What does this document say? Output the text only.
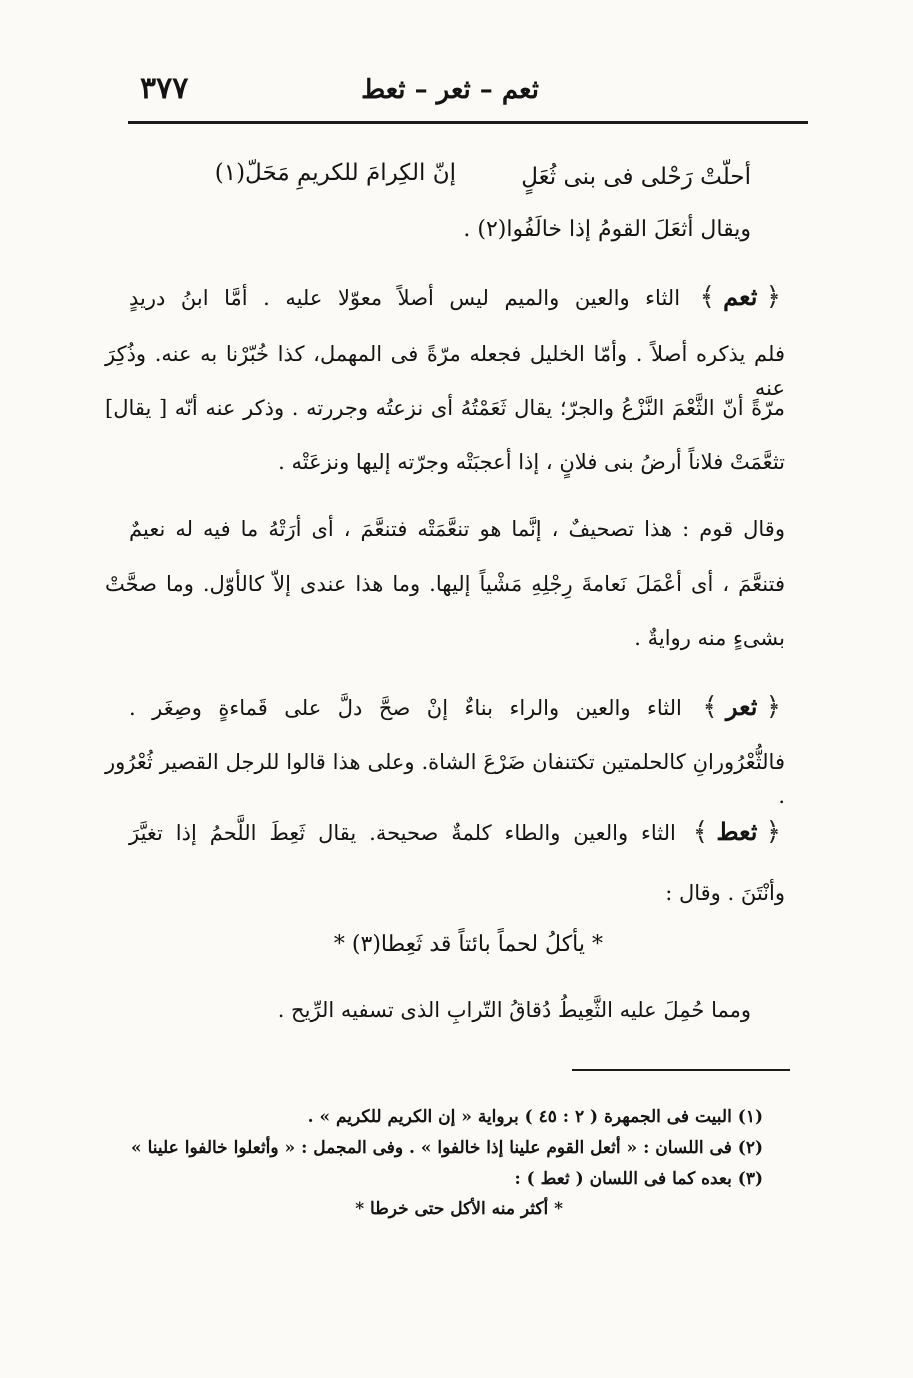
ثعم – ثعر – ثعط
٣٧٧
أحلّتْ رَحْلى فى بنى ثُعَلٍ
إنّ الكِرامَ للكريمِ مَحَلّ(١)
ويقال أثعَلَ القومُ إذا خالَفُوا(٢) .
﴿ ثعم ﴾ الثاء والعين والميم ليس أصلاً معوّلا عليه . أمَّا ابنُ دريدٍ
فلم يذكره أصلاً . وأمّا الخليل فجعله مرّةً فى المهمل، كذا خُبّرْنا به عنه. وذُكِرَ عنه
مرّةً أنّ الثَّعْمَ النَّزْعُ والجرّ؛ يقال ثَعَمْتُهُ أى نزعتُه وجررته . وذكر عنه أنّه [ يقال]
تثعَّمَتْ فلاناً أرضُ بنى فلانٍ ، إذا أعجبَتْه وجرّته إليها ونزعَتْه .
وقال قوم : هذا تصحيفٌ ، إنَّما هو تنعَّمَتْه فتنعَّمَ ، أى أرَتْهُ ما فيه له نعيمٌ
فتنعَّمَ ، أى أعْمَلَ نَعامةَ رِجْلِهِ مَشْياً إليها. وما هذا عندى إلاّ كالأوّل. وما صحَّتْ
بشىءٍ منه روايةٌ .
﴿ ثعر ﴾ الثاء والعين والراء بناءٌ إنْ صحَّ دلَّ على قَماءةٍ وصِغَر .
فالثُّعْرُورانِ كالحلمتين تكتنفان ضَرْعَ الشاة. وعلى هذا قالوا للرجل القصير ثُعْرُور .
﴿ ثعط ﴾ الثاء والعين والطاء كلمةٌ صحيحة. يقال ثَعِطَ اللَّحمُ إذا تغيَّرَ
وأنْتَنَ . وقال :
* يأكلُ لحماً بائتاً قد ثَعِطا(٣) *
ومما حُمِلَ عليه الثَّعِيطُ دُقاقُ التّرابِ الذى تسفيه الرِّيح .
(١) البيت فى الجمهرة ( ٢ : ٤٥ ) برواية « إن الكريم للكريم » .
(٢) فى اللسان : « أثعل القوم علينا إذا خالفوا » . وفى المجمل : « وأثعلوا خالفوا علينا »
(٣) بعده كما فى اللسان ( ثعط ) :
* أكثر منه الأكل حتى خرطا *
